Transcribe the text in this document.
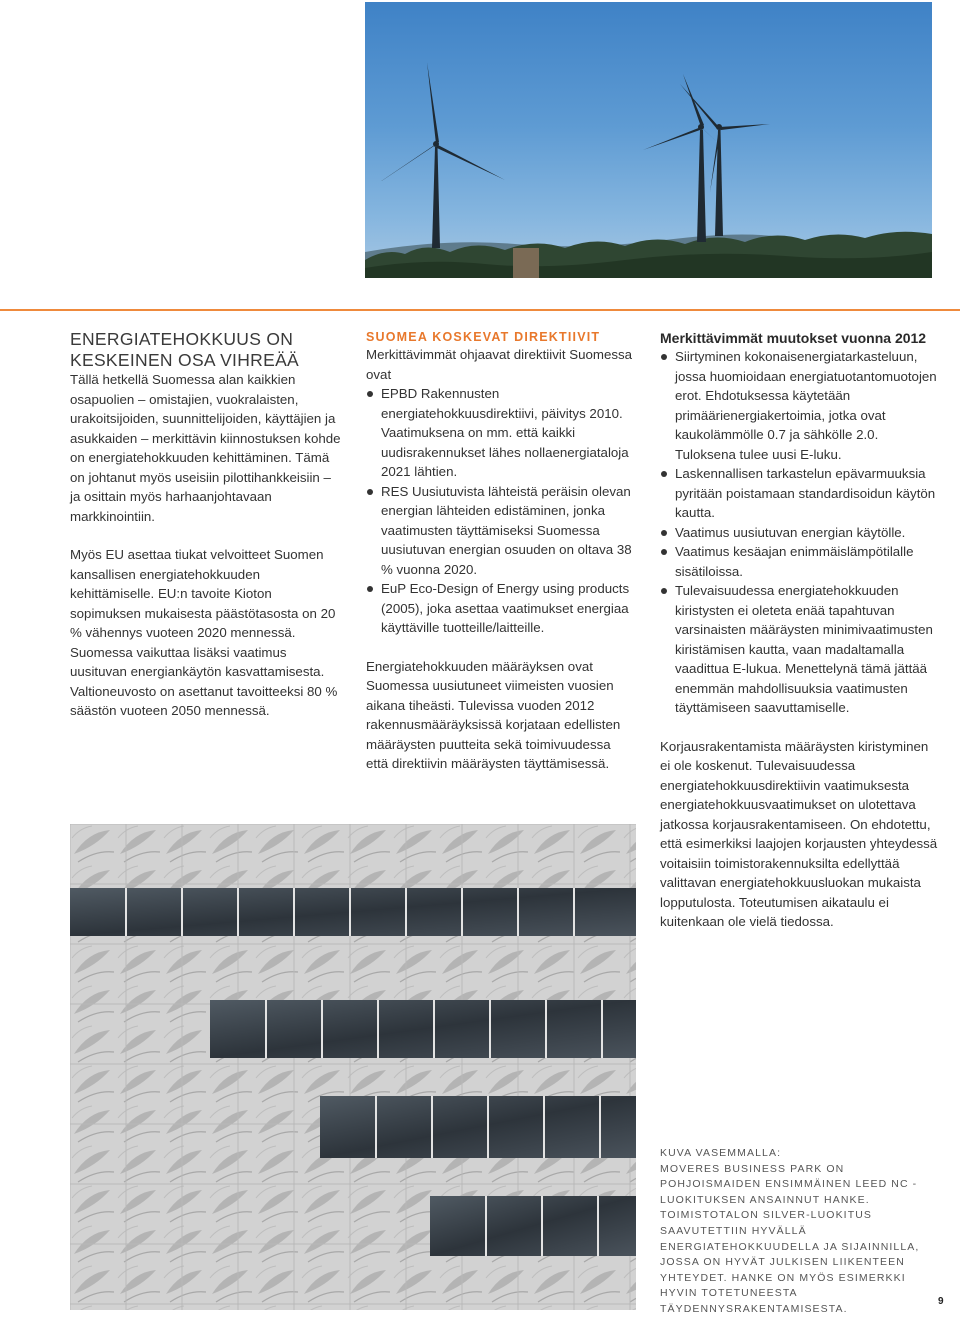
ENERGIATEHOKKUUS ON KESKEINEN OSA VIHREÄÄ

Tällä hetkellä Suomessa alan kaikkien osapuolien – omistajien, vuokralaisten, urakoitsijoiden, suunnittelijoiden, käyttäjien ja asukkaiden – merkittävin kiinnostuksen kohde on energiatehokkuuden kehittäminen. Tämä on johtanut myös useisiin pilottihankkeisiin – ja osittain myös harhaanjohtavaan markkinointiin.

Myös EU asettaa tiukat velvoitteet Suomen kansallisen energiatehokkuuden kehittämiselle. EU:n tavoite Kioton sopimuksen mukaisesta päästötasosta on 20 % vähennys vuoteen 2020 mennessä. Suomessa vaikuttaa lisäksi vaatimus uusituvan energiankäytön kasvattamisesta. Valtioneuvosto on asettanut tavoitteeksi 80 % säästön vuoteen 2050 mennessä.

SUOMEA KOSKEVAT DIREKTIIVIT

Merkittävimmät ohjaavat direktiivit Suomessa ovat

EPBD Rakennusten energiatehokkuusdirektiivi, päivitys 2010. Vaatimuksena on mm. että kaikki uudisrakennukset lähes nollaenergiataloja 2021 lähtien.
RES Uusiutuvista lähteistä peräisin olevan energian lähteiden edistäminen, jonka vaatimusten täyttämiseksi Suomessa uusiutuvan energian osuuden on oltava 38 % vuonna 2020.
EuP Eco-Design of Energy using products (2005), joka asettaa vaatimukset energiaa käyttäville tuotteille/laitteille.

Energiatehokkuuden määräyksen ovat Suomessa uusiutuneet viimeisten vuosien aikana tiheästi. Tulevissa vuoden 2012 rakennusmääräyksissä korjataan edellisten määräysten puutteita sekä toimivuudessa että direktiivin määräysten täyttämisessä.

Merkittävimmät muutokset vuonna 2012

Siirtyminen kokonaisenergiatarkasteluun, jossa huomioidaan energiatuotantomuotojen erot. Ehdotuksessa käytetään primäärienergiakertoimia, jotka ovat kaukolämmölle 0.7 ja sähkölle 2.0. Tuloksena tulee uusi E-luku.
Laskennallisen tarkastelun epävarmuuksia pyritään poistamaan standardisoidun käytön kautta.
Vaatimus uusiutuvan energian käytölle.
Vaatimus kesäajan enimmäislämpötilalle sisätiloissa.
Tulevaisuudessa energiatehokkuuden kiristysten ei oleteta enää tapahtuvan varsinaisten määräysten minimivaatimusten kiristämisen kautta, vaan madaltamalla vaadittua E-lukua. Menettelynä tämä jättää enemmän mahdollisuuksia vaatimusten täyttämiseen saavuttamiselle.

Korjausrakentamista määräysten kiristyminen ei ole koskenut. Tulevaisuudessa energiatehokkuusdirektiivin vaatimuksesta energiatehokkuusvaatimukset on ulotettava jatkossa korjausrakentamiseen. On ehdotettu, että esimerkiksi laajojen korjausten yhteydessä voitaisiin toimistorakennuksilta edellyttää valittavan energiatehokkuusluokan mukaista lopputulosta. Toteutumisen aikataulu ei kuitenkaan ole vielä tiedossa.

KUVA VASEMMALLA:

MOVERES BUSINESS PARK ON POHJOISMAIDEN ENSIMMÄINEN LEED NC -LUOKITUKSEN ANSAINNUT HANKE. TOIMISTOTALON SILVER-LUOKITUS SAAVUTETTIIN HYVÄLLÄ ENERGIATEHOKKUUDELLA JA SIJAINNILLA, JOSSA ON HYVÄT JULKISEN LIIKENTEEN YHTEYDET. HANKE ON MYÖS ESIMERKKI HYVIN TOTETUNEESTA TÄYDENNYSRAKENTAMISESTA.

9
